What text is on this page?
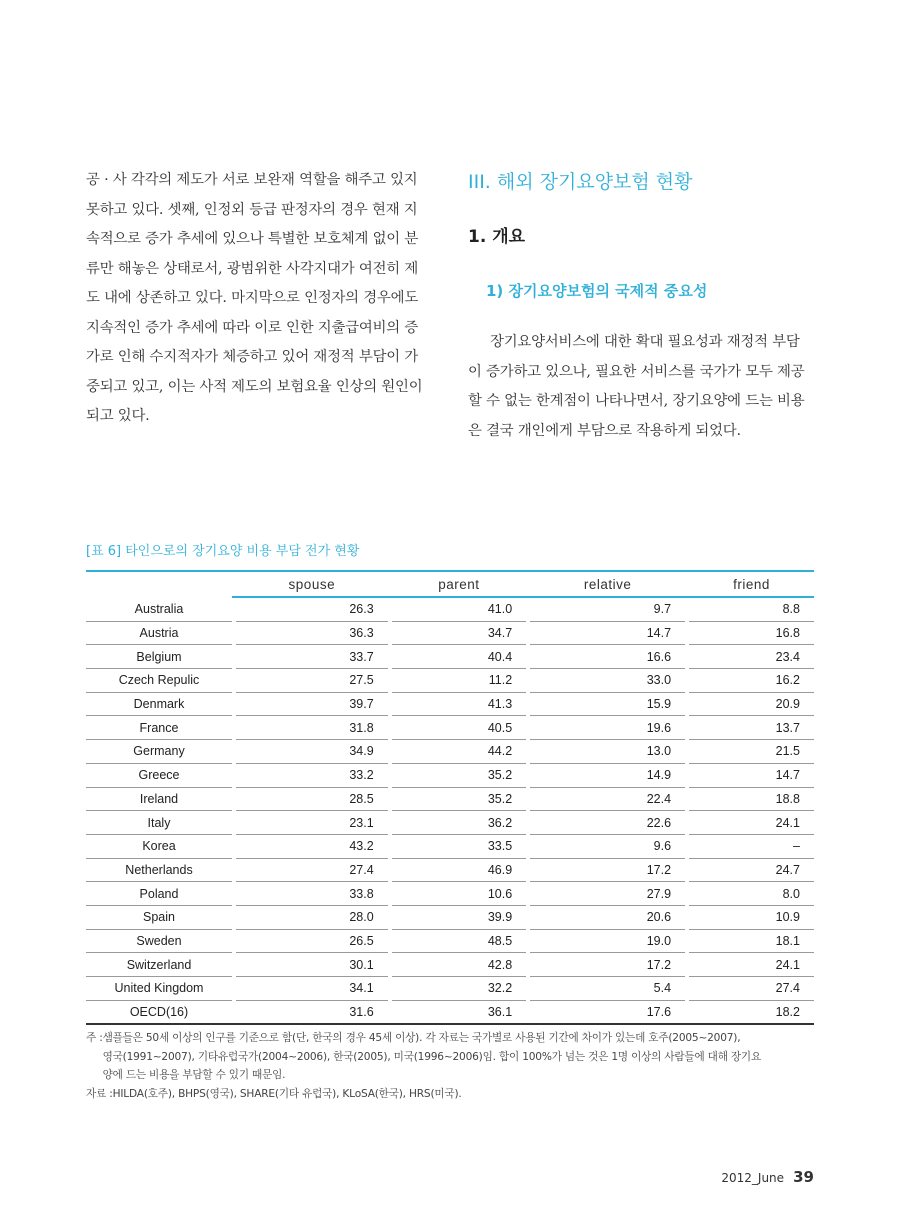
공 · 사 각각의 제도가 서로 보완재 역할을 해주고 있지

못하고 있다. 셋째, 인정외 등급 판정자의 경우 현재 지

속적으로 증가 추세에 있으나 특별한 보호체계 없이 분

류만 해놓은 상태로서, 광범위한 사각지대가 여전히 제

도 내에 상존하고 있다. 마지막으로 인정자의 경우에도

지속적인 증가 추세에 따라 이로 인한 지출급여비의 증

가로 인해 수지적자가 체증하고 있어 재정적 부담이 가

중되고 있고, 이는 사적 제도의 보험요율 인상의 원인이

되고 있다.

III. 해외 장기요양보험 현황
1. 개요
1) 장기요양보험의 국제적 중요성

장기요양서비스에 대한 확대 필요성과 재정적 부담

이 증가하고 있으나, 필요한 서비스를 국가가 모두 제공

할 수 없는 한계점이 나타나면서, 장기요양에 드는 비용

은 결국 개인에게 부담으로 작용하게 되었다.

[표 6] 타인으로의 장기요양 비용 부담 전가 현황
		spouse		parent		relative		friend
Australia		26.3		41.0		9.7		8.8
Austria		36.3		34.7		14.7		16.8
Belgium		33.7		40.4		16.6		23.4
Czech Repulic		27.5		11.2		33.0		16.2
Denmark		39.7		41.3		15.9		20.9
France		31.8		40.5		19.6		13.7
Germany		34.9		44.2		13.0		21.5
Greece		33.2		35.2		14.9		14.7
Ireland		28.5		35.2		22.4		18.8
Italy		23.1		36.2		22.6		24.1
Korea		43.2		33.5		9.6		–
Netherlands		27.4		46.9		17.2		24.7
Poland		33.8		10.6		27.9		8.0
Spain		28.0		39.9		20.6		10.9
Sweden		26.5		48.5		19.0		18.1
Switzerland		30.1		42.8		17.2		24.1
United Kingdom		34.1		32.2		5.4		27.4
OECD(16)		31.6		36.1		17.6		18.2
주 : 샘플들은 50세 이상의 인구를 기준으로 함(단, 한국의 경우 45세 이상). 각 자료는 국가별로 사용된 기간에 차이가 있는데 호주(2005~2007),
영국(1991~2007), 기타유럽국가(2004~2006), 한국(2005), 미국(1996~2006)임. 합이 100%가 넘는 것은 1명 이상의 사람들에 대해 장기요
양에 드는 비용을 부담할 수 있기 때문임.
자료 : HILDA(호주), BHPS(영국), SHARE(기타 유럽국), KLoSA(한국), HRS(미국).
2012_June 39
